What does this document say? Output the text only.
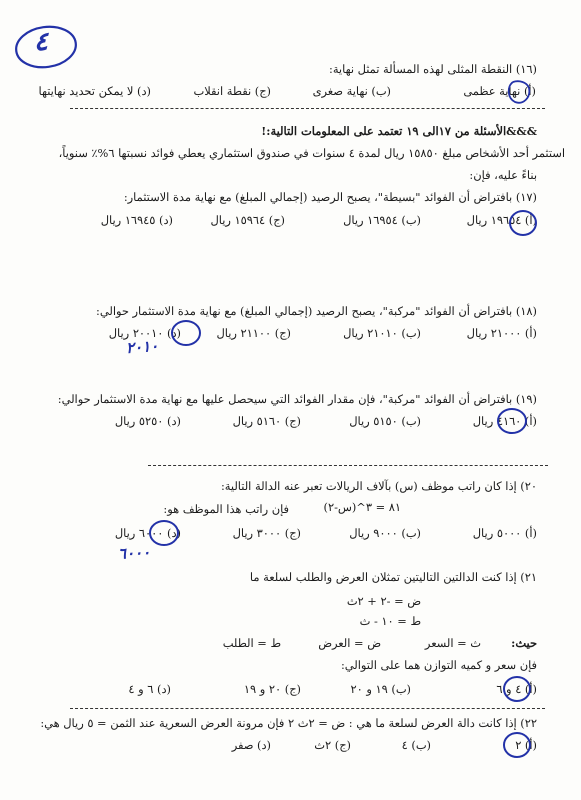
٤
(١٦) النقطة المثلى لهذه المسألة تمثل نهاية:
(أ) نهاية عظمى
(ب) نهاية صغرى
(ج) نقطة انقلاب
(د) لا يمكن تحديد نهايتها
&&&الأسئلة من ١٧الى ١٩ تعتمد على المعلومات التالية:!
استثمر أحد الأشخاص مبلغ ١٥٨٥٠ ريال لمدة ٤ سنوات في صندوق استثماري يعطي فوائد نسبتها ٦%٪ سنوياً،
بناءً عليه، فإن:
(١٧) بافتراض أن الفوائد "بسيطة"، يصبح الرصيد (إجمالي المبلغ) مع نهاية مدة الاستثمار:
(أ) ١٩٦٥٤ ريال
(ب) ١٦٩٥٤ ريال
(ج) ١٥٩٦٤ ريال
(د) ١٦٩٤٥ ريال
(١٨) بافتراض أن الفوائد "مركبة"، يصبح الرصيد (إجمالي المبلغ) مع نهاية مدة الاستثمار حوالي:
(أ) ٢١٠٠٠ ريال
(ب) ٢١٠١٠ ريال
(ج) ٢١١٠٠ ريال
(د) ٢٠٠١٠ ريال
٢٠١٠
(١٩) بافتراض أن الفوائد "مركبة"، فإن مقدار الفوائد التي سيحصل عليها مع نهاية مدة الاستثمار حوالي:
(أ) ٤١٦٠ ريال
(ب) ٥١٥٠ ريال
(ج) ٥١٦٠ ريال
(د) ٥٢٥٠ ريال
٢٠) إذا كان راتب موظف (س) بآلاف الريالات تعبر عنه الدالة التالية:
٨١ = ٣^(س-٢)
فإن راتب هذا الموظف هو:
(أ) ٥٠٠٠ ريال
(ب) ٩٠٠٠ ريال
(ج) ٣٠٠٠ ريال
(د) ٦٠٠٠ ريال
٦٠٠٠
٢١) إذا كنت الدالتين التاليتين تمثلان العرض والطلب لسلعة ما
ض = -٢ + ٢ث
ط = ١٠ - ث
حيث:
ث = السعر
ض = العرض
ط = الطلب
فإن سعر و كميه التوازن هما على التوالي:
(أ) ٤ و ٦
(ب) ١٩ و ٢٠
(ج) ٢٠ و ١٩
(د) ٦ و ٤
٢٢) إذا كانت دالة العرض لسلعة ما هي : ض = ٢ث ٢ فإن مرونة العرض السعرية عند الثمن = ٥ ريال هي:
(أ) ٢
(ب) ٤
(ج) ٢ث
(د) صفر
